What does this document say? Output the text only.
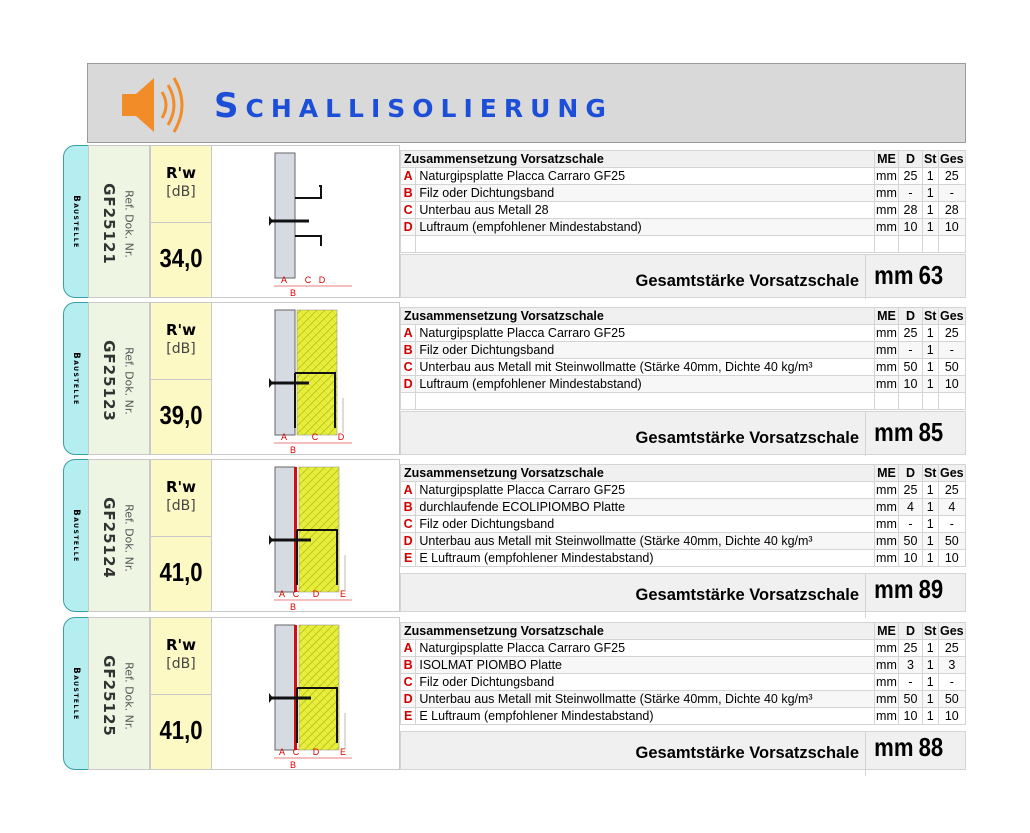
SCHALLISOLIERUNG
Baustelle	Ref. Dok. Nr.
GF25121
R'w
[dB]
34,0
A
B
C D
Zusammensetzung Vorsatzschale		ME	D	St	Ges
A	Naturgipsplatte Placca Carraro GF25	mm	25	1	25
B	Filz oder Dichtungsband	mm	-	1	-
C	Unterbau aus Metall 28	mm	28	1	28
D	Luftraum (empfohlener Mindestabstand)	mm	10	1	10

Gesamtstärke Vorsatzschale mm 63
Baustelle	Ref. Dok. Nr.
GF25123
R'w
[dB]
39,0
A
B
C D
Zusammensetzung Vorsatzschale		ME	D	St	Ges
A	Naturgipsplatte Placca Carraro GF25	mm	25	1	25
B	Filz oder Dichtungsband	mm	-	1	-
C	Unterbau aus Metall mit Steinwollmatte (Stärke 40mm, Dichte 40 kg/m³	mm	50	1	50
D	Luftraum (empfohlener Mindestabstand)	mm	10	1	10

Gesamtstärke Vorsatzschale mm 85
Baustelle	Ref. Dok. Nr.
GF25124
R'w
[dB]
41,0
A
B
C D E
Zusammensetzung Vorsatzschale		ME	D	St	Ges
A	Naturgipsplatte Placca Carraro GF25	mm	25	1	25
B	durchlaufende ECOLIPIOMBO Platte	mm	4	1	4
C	Filz oder Dichtungsband	mm	-	1	-
D	Unterbau aus Metall mit Steinwollmatte (Stärke 40mm, Dichte 40 kg/m³	mm	50	1	50
E	E Luftraum (empfohlener Mindestabstand)	mm	10	1	10
Gesamtstärke Vorsatzschale mm 89
Baustelle	Ref. Dok. Nr.
GF25125
R'w
[dB]
41,0
A
B
C D E
Zusammensetzung Vorsatzschale		ME	D	St	Ges
A	Naturgipsplatte Placca Carraro GF25	mm	25	1	25
B	ISOLMAT PIOMBO Platte	mm	3	1	3
C	Filz oder Dichtungsband	mm	-	1	-
D	Unterbau aus Metall mit Steinwollmatte (Stärke 40mm, Dichte 40 kg/m³	mm	50	1	50
E	E Luftraum (empfohlener Mindestabstand)	mm	10	1	10
Gesamtstärke Vorsatzschale mm 88
